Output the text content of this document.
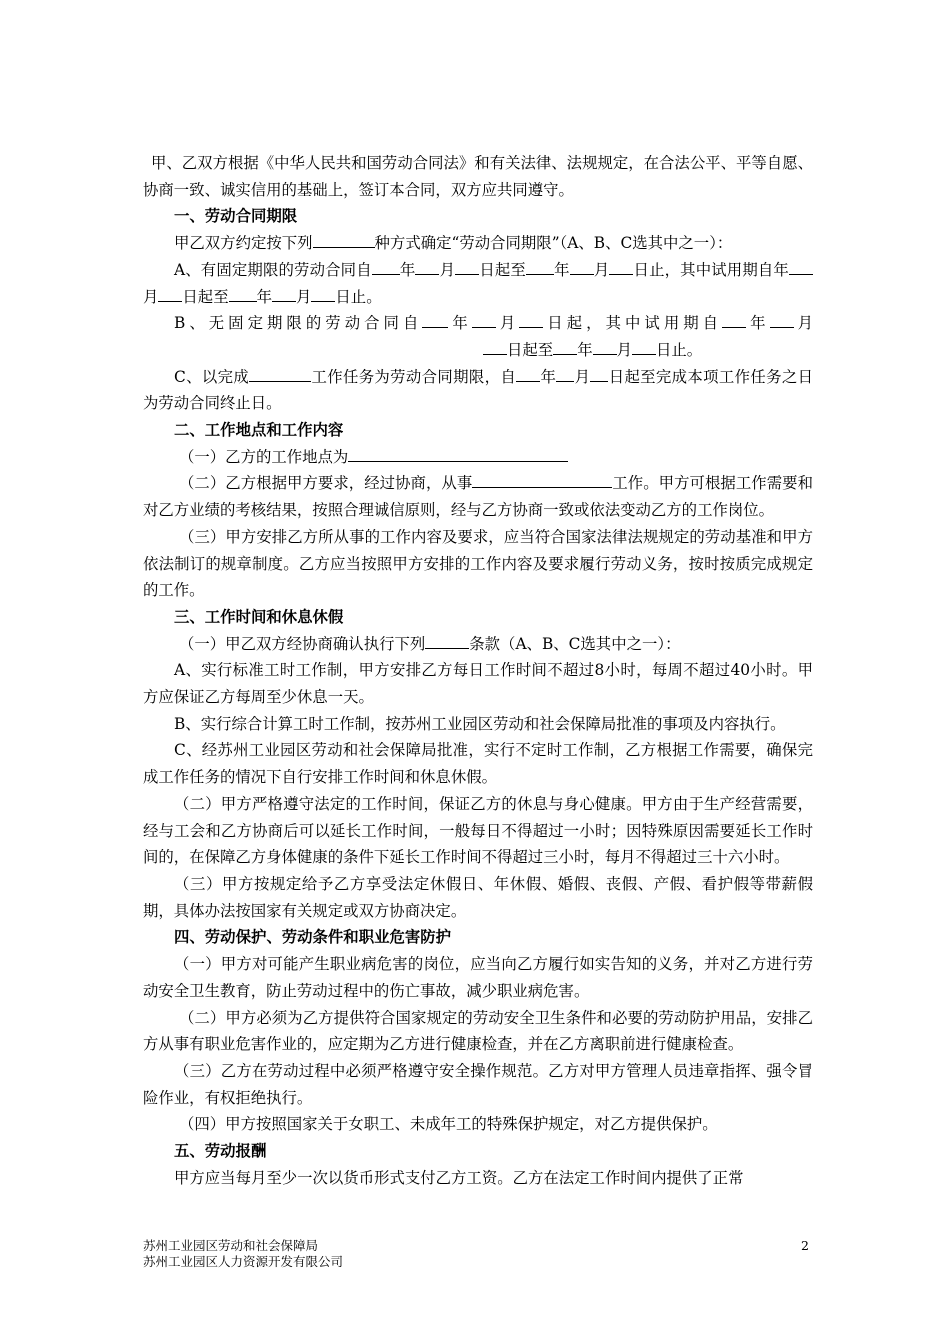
甲、乙双方根据《中华人民共和国劳动合同法》和有关法律、法规规定，在合法公平、平等自愿、协商一致、诚实信用的基础上，签订本合同，双方应共同遵守。

一、劳动合同期限

甲乙双方约定按下列	种方式确定“劳动合同期限”（A、B、C选其中之一）：

A、有固定期限的劳动合同自 年 月 日起至 年 月 日止，其中试用期自年月 日起至 年 月 日止。

B、无固定期限的劳动合同自 年 月 日起，其中试用期自 年 月日起至 年 月 日止。

C、以完成	工作任务为劳动合同期限，自 年 月 日起至完成本项工作任务之日为劳动合同终止日。

二、工作地点和工作内容

（一）乙方的工作地点为

（二）乙方根据甲方要求，经过协商，从事	工作。甲方可根据工作需要和对乙方业绩的考核结果，按照合理诚信原则，经与乙方协商一致或依法变动乙方的工作岗位。

（三）甲方安排乙方所从事的工作内容及要求，应当符合国家法律法规规定的劳动基准和甲方依法制订的规章制度。乙方应当按照甲方安排的工作内容及要求履行劳动义务，按时按质完成规定的工作。

三、工作时间和休息休假

（一）甲乙双方经协商确认执行下列	条款（A、B、C选其中之一）：

A、实行标准工时工作制，甲方安排乙方每日工作时间不超过8小时，每周不超过40小时。甲方应保证乙方每周至少休息一天。

B、实行综合计算工时工作制，按苏州工业园区劳动和社会保障局批准的事项及内容执行。

C、经苏州工业园区劳动和社会保障局批准，实行不定时工作制，乙方根据工作需要，确保完成工作任务的情况下自行安排工作时间和休息休假。

（二）甲方严格遵守法定的工作时间，保证乙方的休息与身心健康。甲方由于生产经营需要，经与工会和乙方协商后可以延长工作时间，一般每日不得超过一小时；因特殊原因需要延长工作时间的，在保障乙方身体健康的条件下延长工作时间不得超过三小时，每月不得超过三十六小时。

（三）甲方按规定给予乙方享受法定休假日、年休假、婚假、丧假、产假、看护假等带薪假期，具体办法按国家有关规定或双方协商决定。

四、劳动保护、劳动条件和职业危害防护

（一）甲方对可能产生职业病危害的岗位，应当向乙方履行如实告知的义务，并对乙方进行劳动安全卫生教育，防止劳动过程中的伤亡事故，减少职业病危害。

（二）甲方必须为乙方提供符合国家规定的劳动安全卫生条件和必要的劳动防护用品，安排乙方从事有职业危害作业的，应定期为乙方进行健康检查，并在乙方离职前进行健康检查。

（三）乙方在劳动过程中必须严格遵守安全操作规范。乙方对甲方管理人员违章指挥、强令冒险作业，有权拒绝执行。

（四）甲方按照国家关于女职工、未成年工的特殊保护规定，对乙方提供保护。

五、劳动报酬

甲方应当每月至少一次以货币形式支付乙方工资。乙方在法定工作时间内提供了正常

苏州工业园区劳动和社会保障局
苏州工业园区人力资源开发有限公司
2
